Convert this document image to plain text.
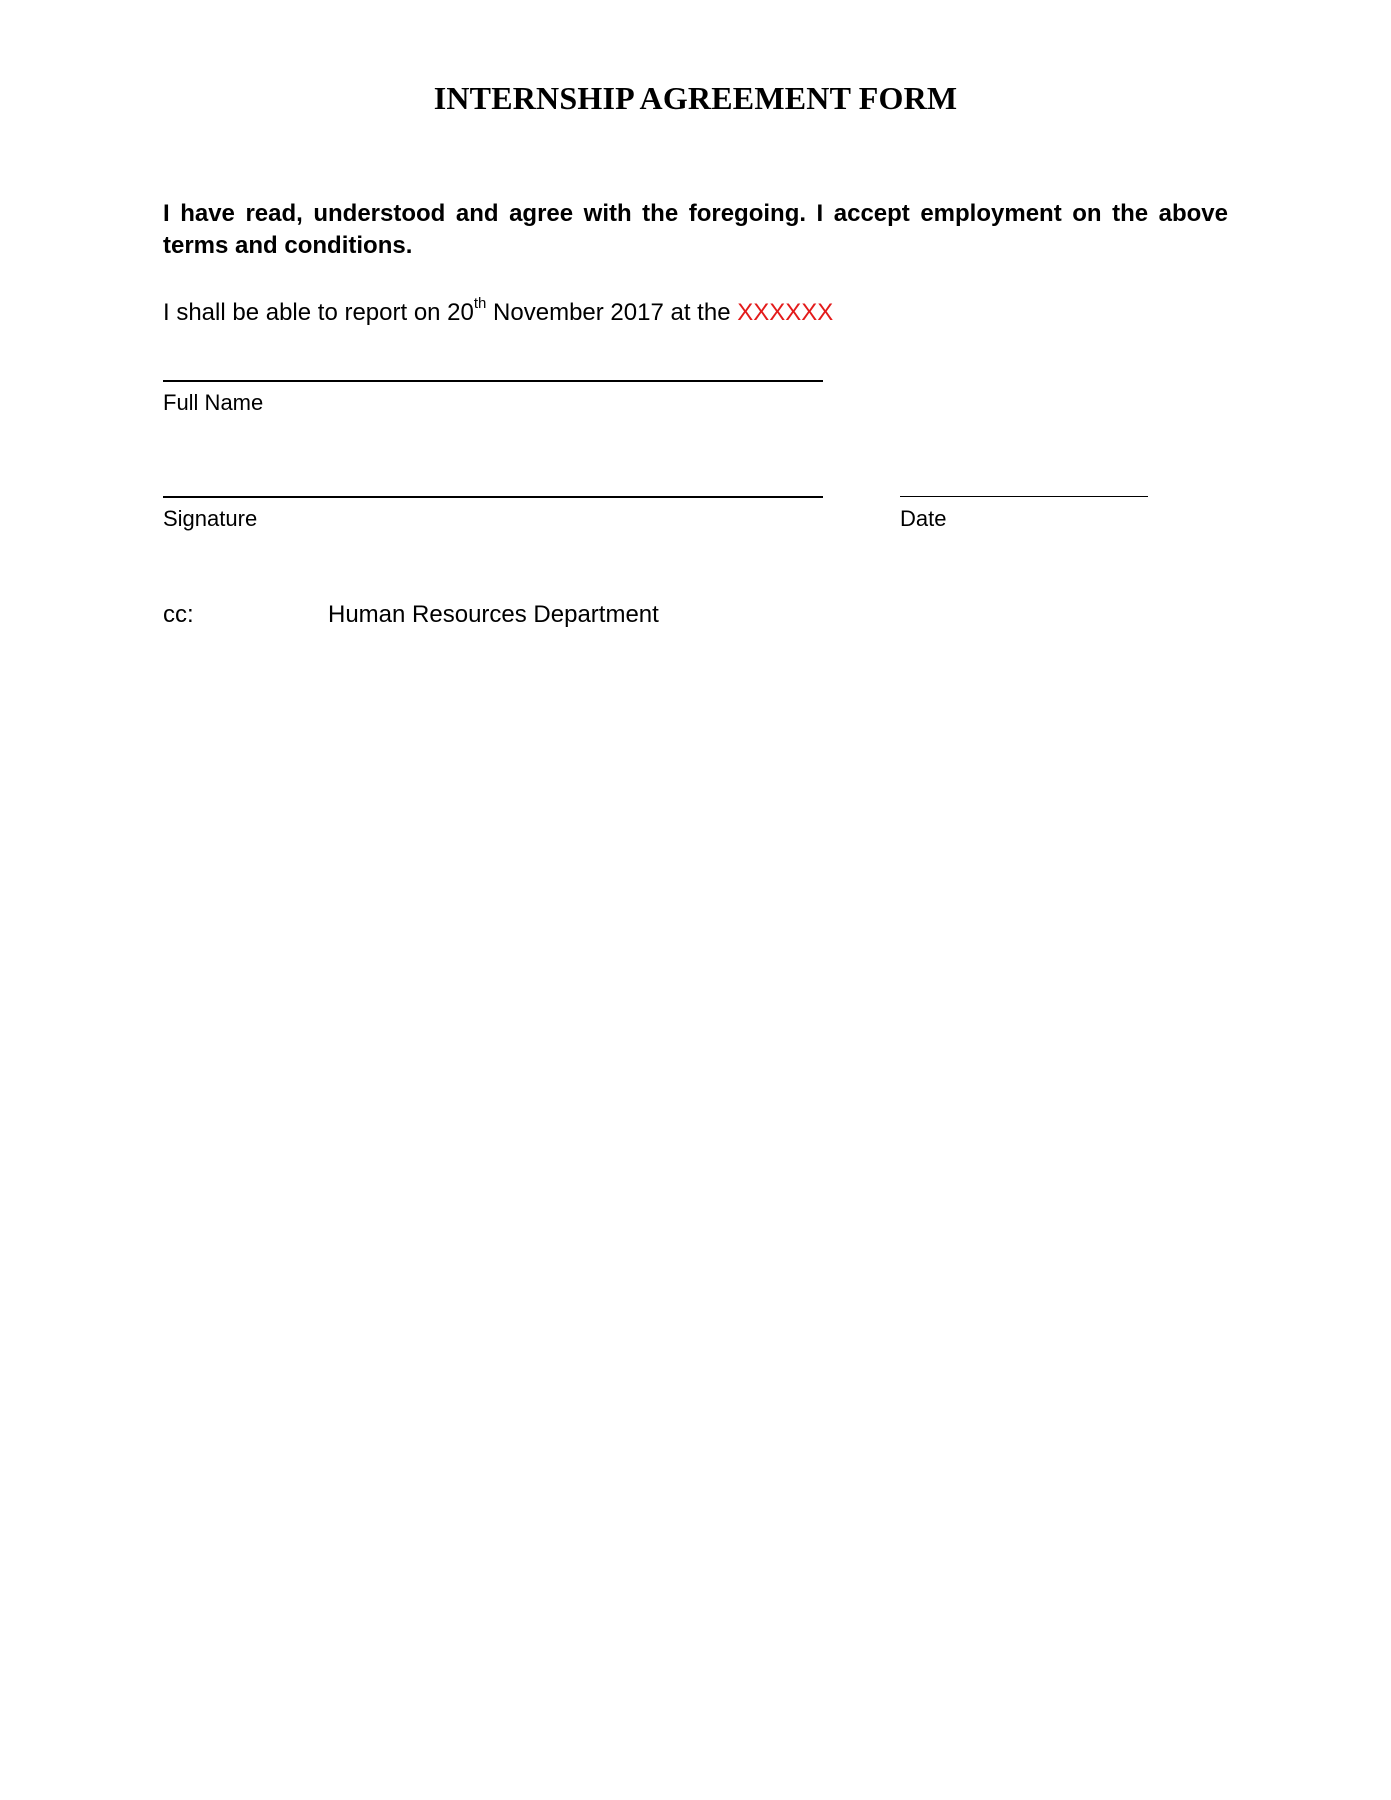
INTERNSHIP AGREEMENT FORM

I have read, understood and agree with the foregoing. I accept employment on the above terms and conditions.

I shall be able to report on 20th November 2017 at the XXXXXX

Full Name
Signature	Date
cc:	Human Resources Department
